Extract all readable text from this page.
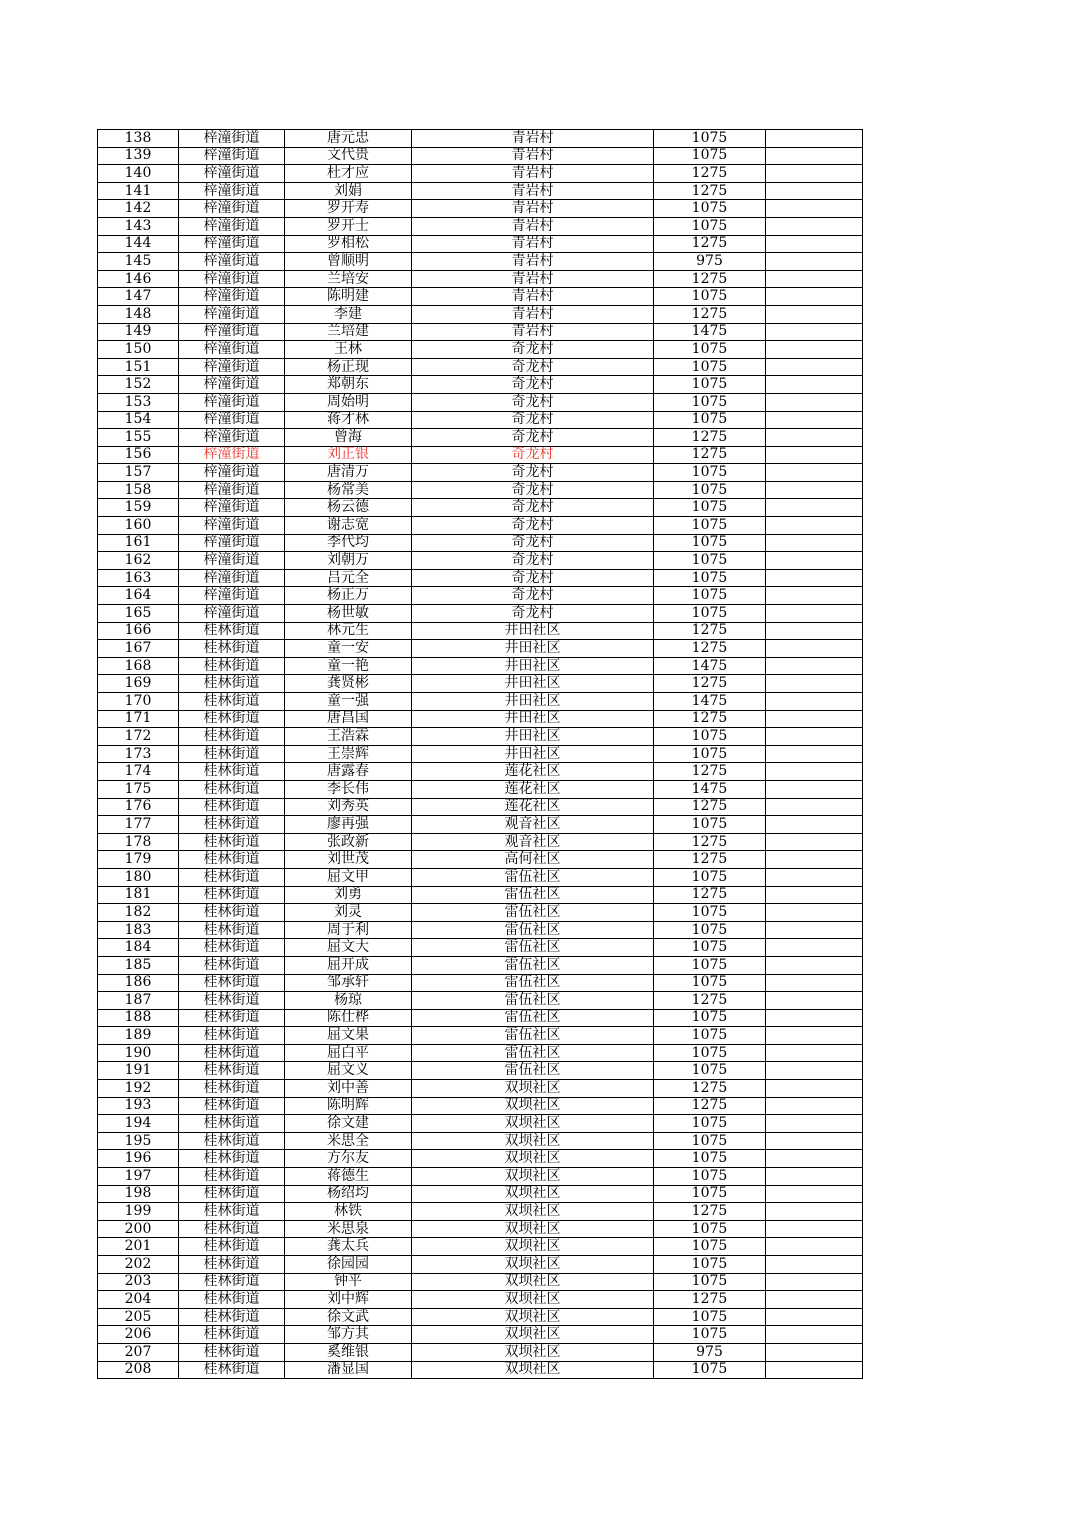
138	梓潼街道	唐元忠	青岩村	1075	
139	梓潼街道	文代贵	青岩村	1075	
140	梓潼街道	杜才应	青岩村	1275	
141	梓潼街道	刘娟	青岩村	1275	
142	梓潼街道	罗开寿	青岩村	1075	
143	梓潼街道	罗开士	青岩村	1075	
144	梓潼街道	罗相松	青岩村	1275	
145	梓潼街道	曾顺明	青岩村	975	
146	梓潼街道	兰培安	青岩村	1275	
147	梓潼街道	陈明建	青岩村	1075	
148	梓潼街道	李建	青岩村	1275	
149	梓潼街道	兰培建	青岩村	1475	
150	梓潼街道	王林	奇龙村	1075	
151	梓潼街道	杨正现	奇龙村	1075	
152	梓潼街道	郑朝东	奇龙村	1075	
153	梓潼街道	周始明	奇龙村	1075	
154	梓潼街道	蒋才林	奇龙村	1075	
155	梓潼街道	曾海	奇龙村	1275	
156	梓潼街道	刘正银	奇龙村	1275	
157	梓潼街道	唐清万	奇龙村	1075	
158	梓潼街道	杨常美	奇龙村	1075	
159	梓潼街道	杨云德	奇龙村	1075	
160	梓潼街道	谢志宽	奇龙村	1075	
161	梓潼街道	李代均	奇龙村	1075	
162	梓潼街道	刘朝万	奇龙村	1075	
163	梓潼街道	吕元全	奇龙村	1075	
164	梓潼街道	杨正万	奇龙村	1075	
165	梓潼街道	杨世敏	奇龙村	1075	
166	桂林街道	林元生	井田社区	1275	
167	桂林街道	童一安	井田社区	1275	
168	桂林街道	童一艳	井田社区	1475	
169	桂林街道	龚贤彬	井田社区	1275	
170	桂林街道	童一强	井田社区	1475	
171	桂林街道	唐昌国	井田社区	1275	
172	桂林街道	王浩霖	井田社区	1075	
173	桂林街道	王崇辉	井田社区	1075	
174	桂林街道	唐露春	莲花社区	1275	
175	桂林街道	李长伟	莲花社区	1475	
176	桂林街道	刘秀英	莲花社区	1275	
177	桂林街道	廖再强	观音社区	1075	
178	桂林街道	张政新	观音社区	1275	
179	桂林街道	刘世茂	高何社区	1275	
180	桂林街道	屈文甲	雷伍社区	1075	
181	桂林街道	刘勇	雷伍社区	1275	
182	桂林街道	刘灵	雷伍社区	1075	
183	桂林街道	周于利	雷伍社区	1075	
184	桂林街道	屈文大	雷伍社区	1075	
185	桂林街道	屈开成	雷伍社区	1075	
186	桂林街道	邹承轩	雷伍社区	1075	
187	桂林街道	杨琼	雷伍社区	1275	
188	桂林街道	陈仕桦	雷伍社区	1075	
189	桂林街道	屈文果	雷伍社区	1075	
190	桂林街道	屈白平	雷伍社区	1075	
191	桂林街道	屈文义	雷伍社区	1075	
192	桂林街道	刘中善	双坝社区	1275	
193	桂林街道	陈明辉	双坝社区	1275	
194	桂林街道	徐文建	双坝社区	1075	
195	桂林街道	米思全	双坝社区	1075	
196	桂林街道	方尔友	双坝社区	1075	
197	桂林街道	蒋德生	双坝社区	1075	
198	桂林街道	杨绍均	双坝社区	1075	
199	桂林街道	林铁	双坝社区	1275	
200	桂林街道	米思泉	双坝社区	1075	
201	桂林街道	龚太兵	双坝社区	1075	
202	桂林街道	徐园园	双坝社区	1075	
203	桂林街道	钟平	双坝社区	1075	
204	桂林街道	刘中辉	双坝社区	1275	
205	桂林街道	徐文武	双坝社区	1075	
206	桂林街道	邹方其	双坝社区	1075	
207	桂林街道	奚维银	双坝社区	975	
208	桂林街道	潘显国	双坝社区	1075	
